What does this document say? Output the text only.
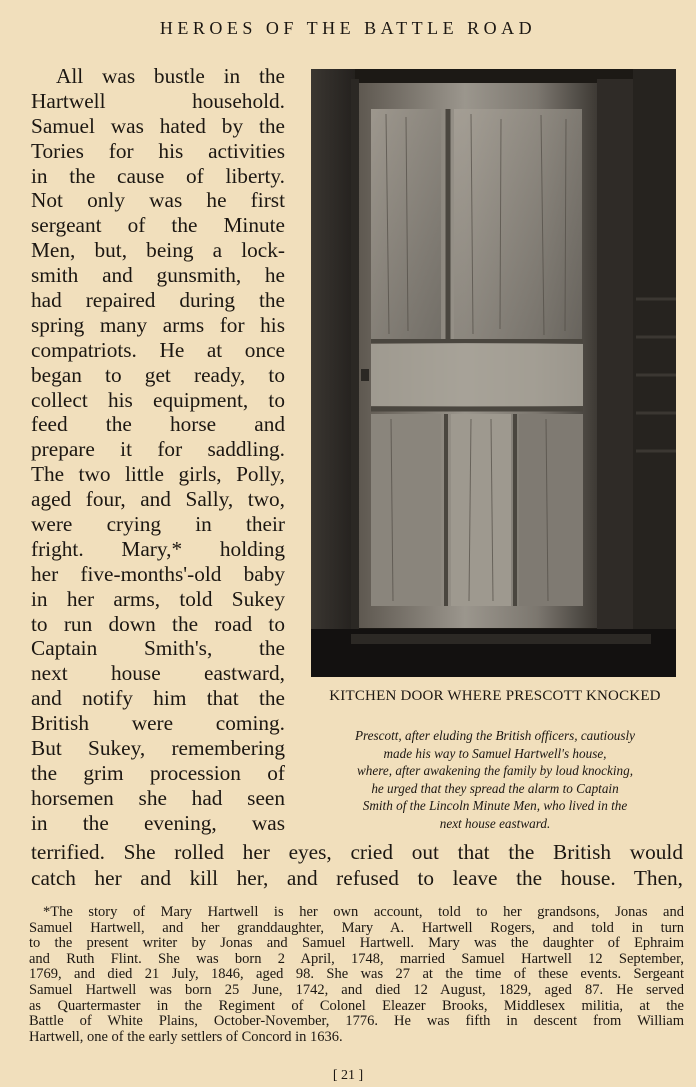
HEROES OF THE BATTLE ROAD
All was bustle in the
Hartwell household.
Samuel was hated by the
Tories for his activities
in the cause of liberty.
Not only was he first
sergeant of the Minute
Men, but, being a lock-
smith and gunsmith, he
had repaired during the
spring many arms for his
compatriots. He at once
began to get ready, to
collect his equipment, to
feed the horse and
prepare it for saddling.
The two little girls, Polly,
aged four, and Sally, two,
were crying in their
fright. Mary,* holding
her five-months'-old baby
in her arms, told Sukey
to run down the road to
Captain Smith's, the
next house eastward,
and notify him that the
British were coming.
But Sukey, remembering
the grim procession of
horsemen she had seen
in the evening, was
KITCHEN DOOR WHERE PRESCOTT KNOCKED
Prescott, after eluding the British officers, cautiously
made his way to Samuel Hartwell's house,
where, after awakening the family by loud knocking,
he urged that they spread the alarm to Captain
Smith of the Lincoln Minute Men, who lived in the
next house eastward.
terrified. She rolled her eyes, cried out that the British would
catch her and kill her, and refused to leave the house. Then,
*The story of Mary Hartwell is her own account, told to her grandsons, Jonas and
Samuel Hartwell, and her granddaughter, Mary A. Hartwell Rogers, and told in turn
to the present writer by Jonas and Samuel Hartwell. Mary was the daughter of Ephraim
and Ruth Flint. She was born 2 April, 1748, married Samuel Hartwell 12 September,
1769, and died 21 July, 1846, aged 98. She was 27 at the time of these events. Sergeant
Samuel Hartwell was born 25 June, 1742, and died 12 August, 1829, aged 87. He served
as Quartermaster in the Regiment of Colonel Eleazer Brooks, Middlesex militia, at the
Battle of White Plains, October-November, 1776. He was fifth in descent from William
Hartwell, one of the early settlers of Concord in 1636.
[ 21 ]
